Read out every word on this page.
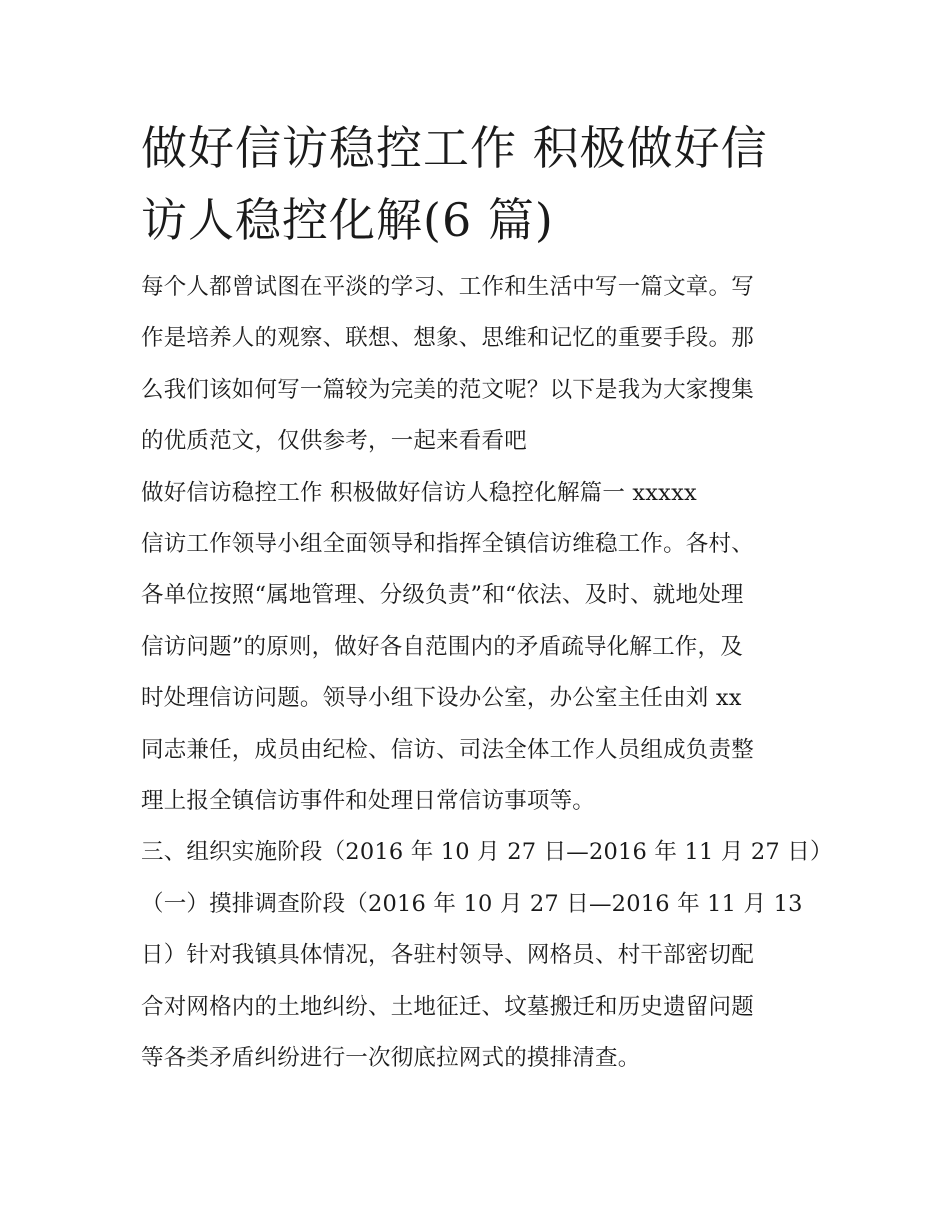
做好信访稳控工作 积极做好信

访人稳控化解(6 篇)

每个人都曾试图在平淡的学习、工作和生活中写一篇文章。写

作是培养人的观察、联想、想象、思维和记忆的重要手段。那

么我们该如何写一篇较为完美的范文呢？以下是我为大家搜集

的优质范文，仅供参考，一起来看看吧

做好信访稳控工作 积极做好信访人稳控化解篇一 xxxxx

信访工作领导小组全面领导和指挥全镇信访维稳工作。各村、

各单位按照“属地管理、分级负责”和“依法、及时、就地处理

信访问题”的原则，做好各自范围内的矛盾疏导化解工作，及

时处理信访问题。领导小组下设办公室，办公室主任由刘 xx

同志兼任，成员由纪检、信访、司法全体工作人员组成负责整

理上报全镇信访事件和处理日常信访事项等。

三、组织实施阶段（2016 年 10 月 27 日—2016 年 11 月 27 日）

（一）摸排调查阶段（2016 年 10 月 27 日—2016 年 11 月 13

日）针对我镇具体情况，各驻村领导、网格员、村干部密切配

合对网格内的土地纠纷、土地征迁、坟墓搬迁和历史遗留问题

等各类矛盾纠纷进行一次彻底拉网式的摸排清查。
